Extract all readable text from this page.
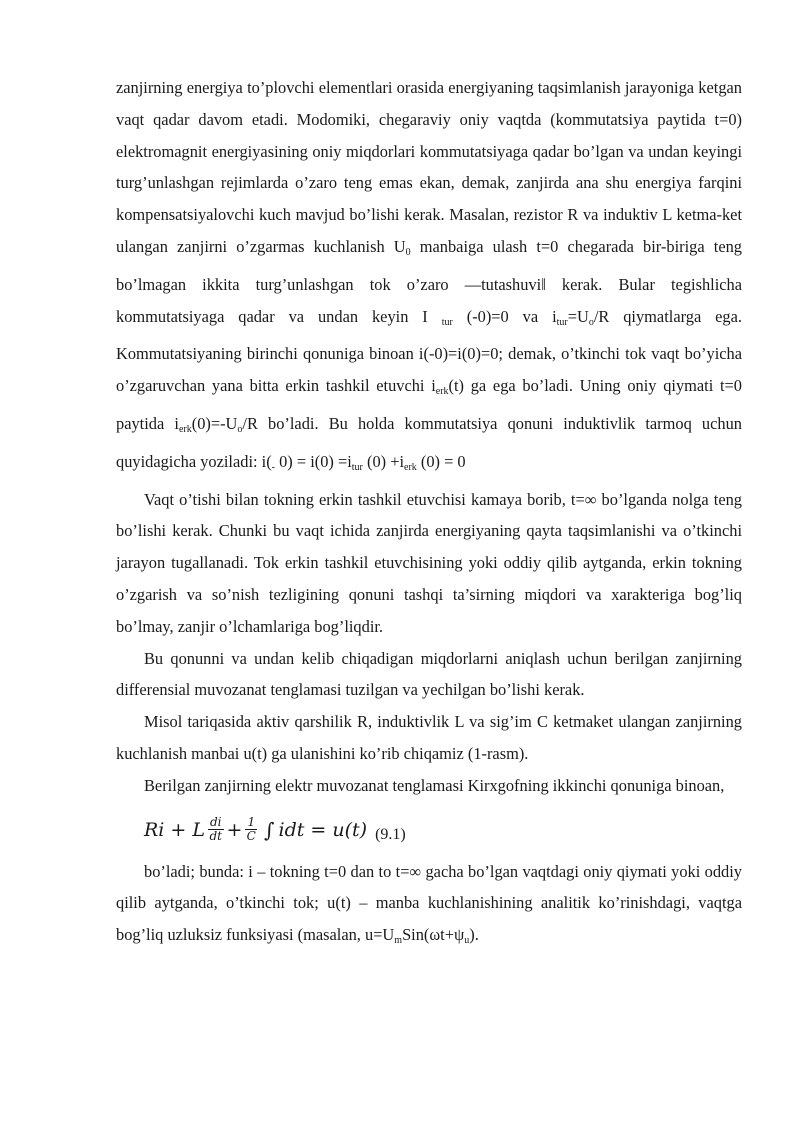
zanjirning energiya to’plovchi elementlari orasida energiyaning taqsimlanish jarayoniga ketgan vaqt qadar davom etadi. Modomiki, chegaraviy oniy vaqtda (kommutatsiya paytida t=0) elektromagnit energiyasining oniy miqdorlari kommutatsiyaga qadar bo’lgan va undan keyingi turg’unlashgan rejimlarda o’zaro teng emas ekan, demak, zanjirda ana shu energiya farqini kompensatsiyalovchi kuch mavjud bo’lishi kerak. Masalan, rezistor R va induktiv L ketma-ket ulangan zanjirni o’zgarmas kuchlanish $U_0$ manbaiga ulash t=0 chegarada bir-biriga teng bo’lmagan ikkita turg’unlashgan tok o’zaro ―tutashuvi‖ kerak. Bular tegishlicha kommutatsiyaga qadar va undan keyin I $_{tur}$ (-0)=0 va $i_{tur}=U_o/R$ qiymatlarga ega. Kommutatsiyaning birinchi qonuniga binoan i(-0)=i(0)=0; demak, o’tkinchi tok vaqt bo’yicha o’zgaruvchan yana bitta erkin tashkil etuvchi $i_{erk}(t)$ ga ega bo’ladi. Uning oniy qiymati t=0 paytida $i_{erk}(0)=-U_o/R$ bo’ladi. Bu holda kommutatsiya qonuni induktivlik tarmoq uchun quyidagicha yoziladi: $i(_-$ $0) = i(0) =i_{tur}$ $(0) +i_{erk}$ (0) = 0

Vaqt o’tishi bilan tokning erkin tashkil etuvchisi kamaya borib, t=∞ bo’lganda nolga teng bo’lishi kerak. Chunki bu vaqt ichida zanjirda energiyaning qayta taqsimlanishi va o’tkinchi jarayon tugallanadi. Tok erkin tashkil etuvchisining yoki oddiy qilib aytganda, erkin tokning o’zgarish va so’nish tezligining qonuni tashqi ta’sirning miqdori va xarakteriga bog’liq bo’lmay, zanjir o’lchamlariga bog’liqdir.

Bu qonunni va undan kelib chiqadigan miqdorlarni aniqlash uchun berilgan zanjirning differensial muvozanat tenglamasi tuzilgan va yechilgan bo’lishi kerak.

Misol tariqasida aktiv qarshilik R, induktivlik L va sig’im C ketmaket ulangan zanjirning kuchlanish manbai u(t) ga ulanishini ko’rib chiqamiz (1-rasm).

Berilgan zanjirning elektr muvozanat tenglamasi Kirxgofning ikkinchi qonuniga binoan,

Ri + L $\frac{di}{dt} + \frac{1}{C}$ ∫ idt = u(t) (9.1)

bo’ladi; bunda: i – tokning t=0 dan to t=∞ gacha bo’lgan vaqtdagi oniy qiymati yoki oddiy qilib aytganda, o’tkinchi tok; u(t) – manba kuchlanishining analitik ko’rinishdagi, vaqtga bog’liq uzluksiz funksiyasi (masalan, $u=U_mSin(\omega t+\psi_u)$.
